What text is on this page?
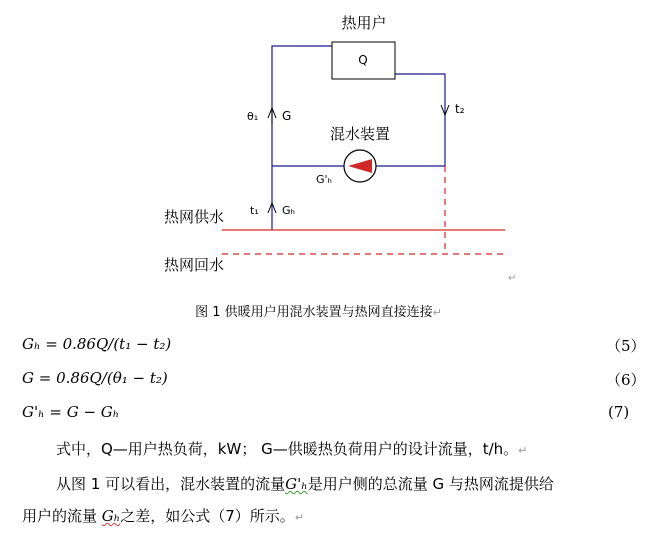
Q
热用户
θ₁ G	t₂
混水装置
G'ₕ
t₁ Gₕ
热网供水
热网回水
↵
图 1 供暖用户用混水装置与热网直接连接↵
Gₕ = 0.86Q/(t₁ − t₂)	（5）
G = 0.86Q/(θ₁ − t₂)	（6）
G'ₕ = G − Gₕ	(7)
式中，Q—用户热负荷，kW； G—供暖热负荷用户的设计流量，t/h。↵
从图 1 可以看出，混水装置的流量G'ₕ是用户侧的总流量 G 与热网流提供给
用户的流量 Gₕ之差，如公式（7）所示。↵
